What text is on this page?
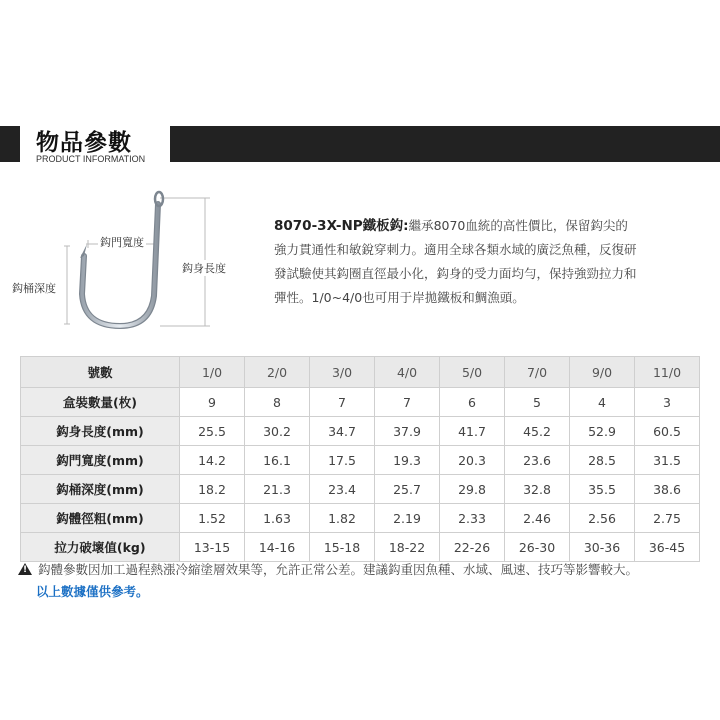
物品參數
PRODUCT INFORMATION
鈎門寬度
鈎身長度
鈎桶深度
8070-3X-NP鐵板鈎:繼承8070血統的高性價比，保留鈎尖的
強力貫通性和敏銳穿刺力。適用全球各類水域的廣泛魚種，反復研
發試驗使其鈎圈直徑最小化，鈎身的受力面均勻，保持強勁拉力和
彈性。1/0~4/0也可用于岸拋鐵板和鯛漁頭。
號數	1/0	2/0	3/0	4/0	5/0	7/0	9/0	11/0
盒裝數量(枚)	9	8	7	7	6	5	4	3
鈎身長度(mm)	25.5	30.2	34.7	37.9	41.7	45.2	52.9	60.5
鈎門寬度(mm)	14.2	16.1	17.5	19.3	20.3	23.6	28.5	31.5
鈎桶深度(mm)	18.2	21.3	23.4	25.7	29.8	32.8	35.5	38.6
鈎體徑粗(mm)	1.52	1.63	1.82	2.19	2.33	2.46	2.56	2.75
拉力破壞值(kg)	13-15	14-16	15-18	18-22	22-26	26-30	30-36	36-45
! 鈎體參數因加工過程熱漲冷縮塗層效果等，允許正常公差。建議鈎重因魚種、水域、風速、技巧等影響較大。
以上數據僅供參考。
